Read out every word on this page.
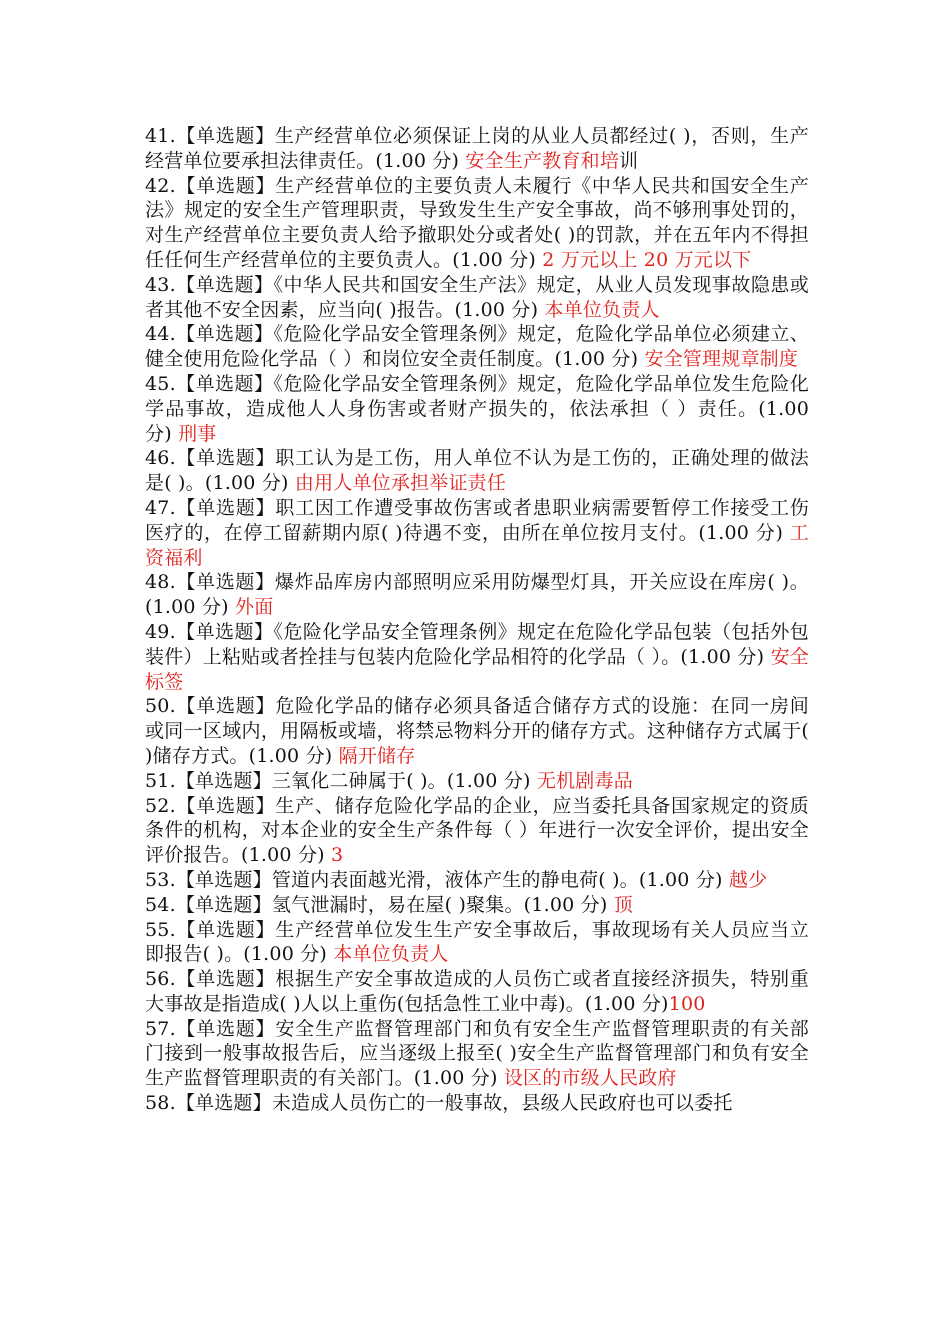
41.【单选题】生产经营单位必须保证上岗的从业人员都经过( )，否则，生产经营单位要承担法律责任。(1.00 分) 安全生产教育和培训

42.【单选题】生产经营单位的主要负责人未履行《中华人民共和国安全生产法》规定的安全生产管理职责，导致发生生产安全事故，尚不够刑事处罚的，对生产经营单位主要负责人给予撤职处分或者处( )的罚款，并在五年内不得担任任何生产经营单位的主要负责人。(1.00 分) 2 万元以上 20 万元以下

43.【单选题】《中华人民共和国安全生产法》规定，从业人员发现事故隐患或者其他不安全因素，应当向( )报告。(1.00 分) 本单位负责人

44.【单选题】《危险化学品安全管理条例》规定，危险化学品单位必须建立、健全使用危险化学品（ ）和岗位安全责任制度。(1.00 分) 安全管理规章制度

45.【单选题】《危险化学品安全管理条例》规定，危险化学品单位发生危险化学品事故，造成他人人身伤害或者财产损失的，依法承担（ ）责任。(1.00 分) 刑事

46.【单选题】职工认为是工伤，用人单位不认为是工伤的，正确处理的做法是( )。(1.00 分) 由用人单位承担举证责任

47.【单选题】职工因工作遭受事故伤害或者患职业病需要暂停工作接受工伤医疗的，在停工留薪期内原( )待遇不变，由所在单位按月支付。(1.00 分) 工资福利

48.【单选题】爆炸品库房内部照明应采用防爆型灯具，开关应设在库房( )。(1.00 分) 外面

49.【单选题】《危险化学品安全管理条例》规定在危险化学品包装（包括外包装件）上粘贴或者拴挂与包装内危险化学品相符的化学品（ ）。(1.00 分) 安全标签

50.【单选题】危险化学品的储存必须具备适合储存方式的设施：在同一房间或同一区域内，用隔板或墙，将禁忌物料分开的储存方式。这种储存方式属于( )储存方式。(1.00 分) 隔开储存

51.【单选题】三氧化二砷属于( )。(1.00 分) 无机剧毒品

52.【单选题】生产、储存危险化学品的企业，应当委托具备国家规定的资质条件的机构，对本企业的安全生产条件每（ ）年进行一次安全评价，提出安全评价报告。(1.00 分) 3

53.【单选题】管道内表面越光滑，液体产生的静电荷( )。(1.00 分) 越少

54.【单选题】氢气泄漏时，易在屋( )聚集。(1.00 分) 顶

55.【单选题】生产经营单位发生生产安全事故后，事故现场有关人员应当立即报告( )。(1.00 分) 本单位负责人

56.【单选题】根据生产安全事故造成的人员伤亡或者直接经济损失，特别重大事故是指造成( )人以上重伤(包括急性工业中毒)。(1.00 分)100

57.【单选题】安全生产监督管理部门和负有安全生产监督管理职责的有关部门接到一般事故报告后，应当逐级上报至( )安全生产监督管理部门和负有安全生产监督管理职责的有关部门。(1.00 分) 设区的市级人民政府

58.【单选题】未造成人员伤亡的一般事故，县级人民政府也可以委托
